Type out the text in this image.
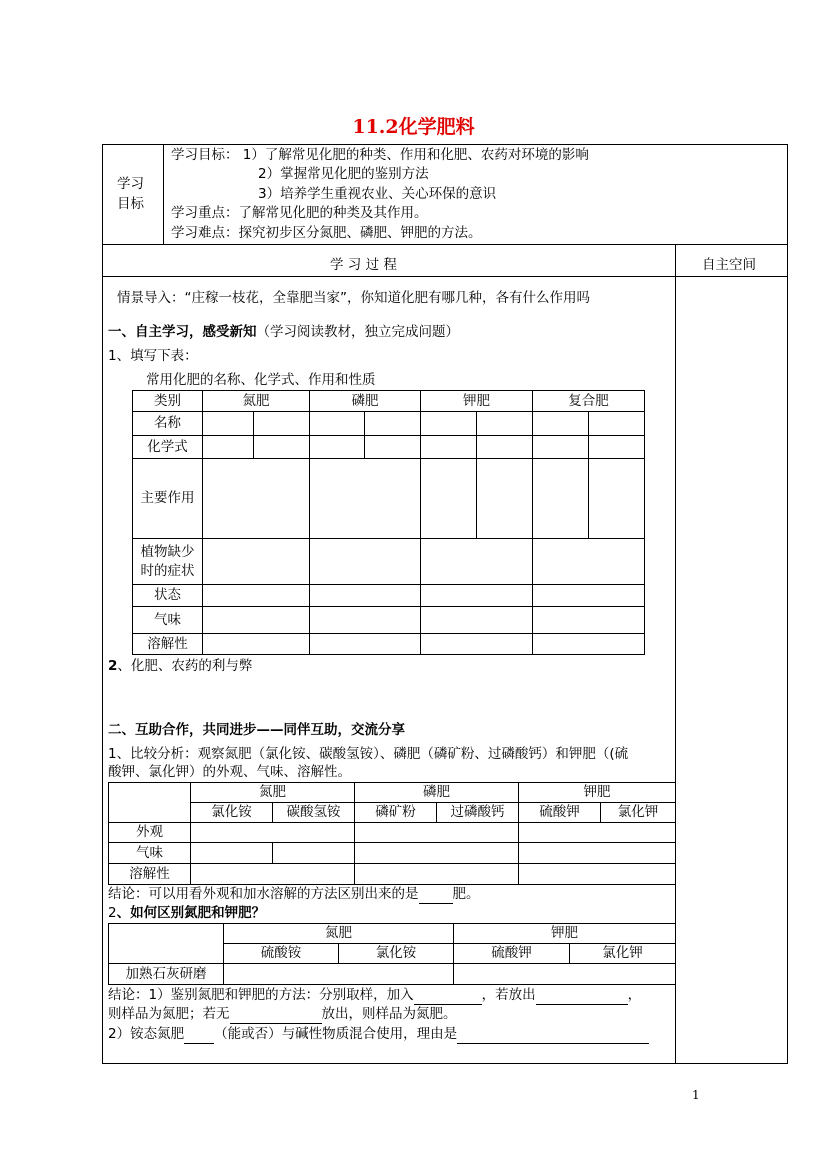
11.2化学肥料
学习
目标
学习目标： 1）了解常见化肥的种类、作用和化肥、农药对环境的影响
2）掌握常见化肥的鉴别方法
3）培养学生重视农业、关心环保的意识
学习重点：了解常见化肥的种类及其作用。
学习难点：探究初步区分氮肥、磷肥、钾肥的方法。
学 习 过 程	自主空间
情景导入：“庄稼一枝花，全靠肥当家”，你知道化肥有哪几种，各有什么作用吗
一、自主学习，感受新知（学习阅读教材，独立完成问题）
1、填写下表：
常用化肥的名称、化学式、作用和性质
类别	氮肥		磷肥		钾肥		复合肥	
名称								
化学式								
主要作用								
植物缺少
时的症状								
状态								
气味								
溶解性								
2、化肥、农药的利与弊
二、互助合作，共同进步——同伴互助，交流分享
1、比较分析：观察氮肥（氯化铵、碳酸氢铵）、磷肥（磷矿粉、过磷酸钙）和钾肥（(硫
酸钾、氯化钾）的外观、气味、溶解性。
	氮肥		磷肥		钾肥	
	氯化铵	碳酸氢铵	磷矿粉	过磷酸钙	硫酸钾	氯化钾
外观						
气味						
溶解性						
结论：可以用看外观和加水溶解的方法区别出来的是	肥。
2、如何区别氮肥和钾肥？
	氮肥		钾肥	
	硫酸铵	氯化铵	硫酸钾	氯化钾
加熟石灰研磨				
结论：1）鉴别氮肥和钾肥的方法：分别取样，加入	，若放出	，
则样品为氮肥；若无	放出，则样品为氮肥。
2）铵态氮肥 （能或否）与碱性物质混合使用，理由是
1
